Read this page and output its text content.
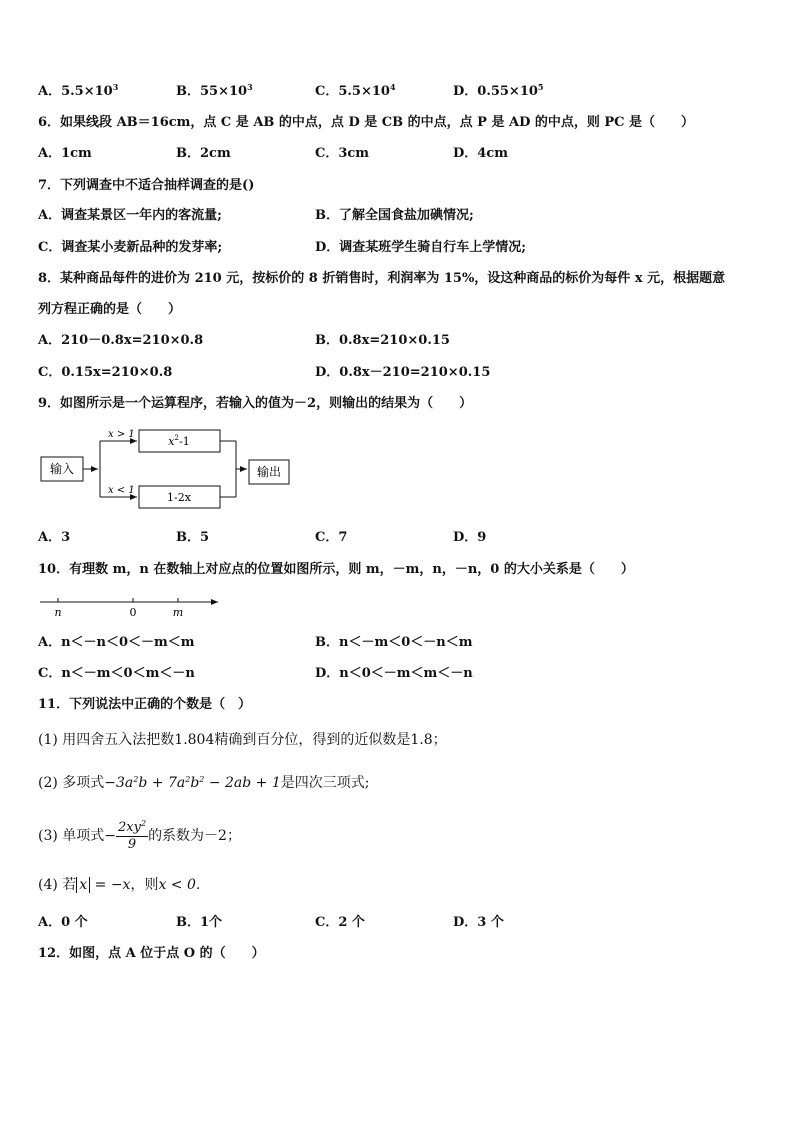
A．$5.5\times 10^3$	B．$55\times 10^3$	C．$5.5\times 10^4$	D．$0.55\times 10^5$
6．如果线段 AB＝16cm，点 C 是 AB 的中点，点 D 是 CB 的中点，点 P 是 AD 的中点，则 PC 是（　　）
A．1cm	B．2cm	C．3cm	D．4cm
7．下列调查中不适合抽样调查的是()
A．调查某景区一年内的客流量;	B．了解全国食盐加碘情况;
C．调查某小麦新品种的发芽率;	D．调查某班学生骑自行车上学情况;
8．某种商品每件的进价为 210 元，按标价的 8 折销售时，利润率为 15%，设这种商品的标价为每件 x 元，根据题意
列方程正确的是（　　）
A．210－0.8x=210×0.8	B．0.8x=210×0.15
C．0.15x=210×0.8	D．0.8x－210=210×0.15
9．如图所示是一个运算程序，若输入的值为－2，则输出的结果为（　　）
输入
x > 1
$x^2-1$
x < 1
1-2x
输出
A．3	B．5	C．7	D．9
10．有理数 m，n 在数轴上对应点的位置如图所示，则 m，－m，n，－n，0 的大小关系是（　　）
n	0	m
A．n＜－n＜0＜－m＜m	B．n＜－m＜0＜－n＜m
C．n＜－m＜0＜m＜－n	D．n＜0＜－m＜m＜－n
11．下列说法中正确的个数是（　）
(1) 用四舍五入法把数1.804精确到百分位，得到的近似数是1.8；
(2) 多项式$-3a^2b + 7a^2b^2 - 2ab + 1$是四次三项式;
(3) 单项式− $\frac{2xy^2}{9}$ 的系数为－2；
(4) 若 x = −x，则x < 0.
A．0 个	B．1个	C．2 个	D．3 个
12．如图，点 A 位于点 O 的（　　）
